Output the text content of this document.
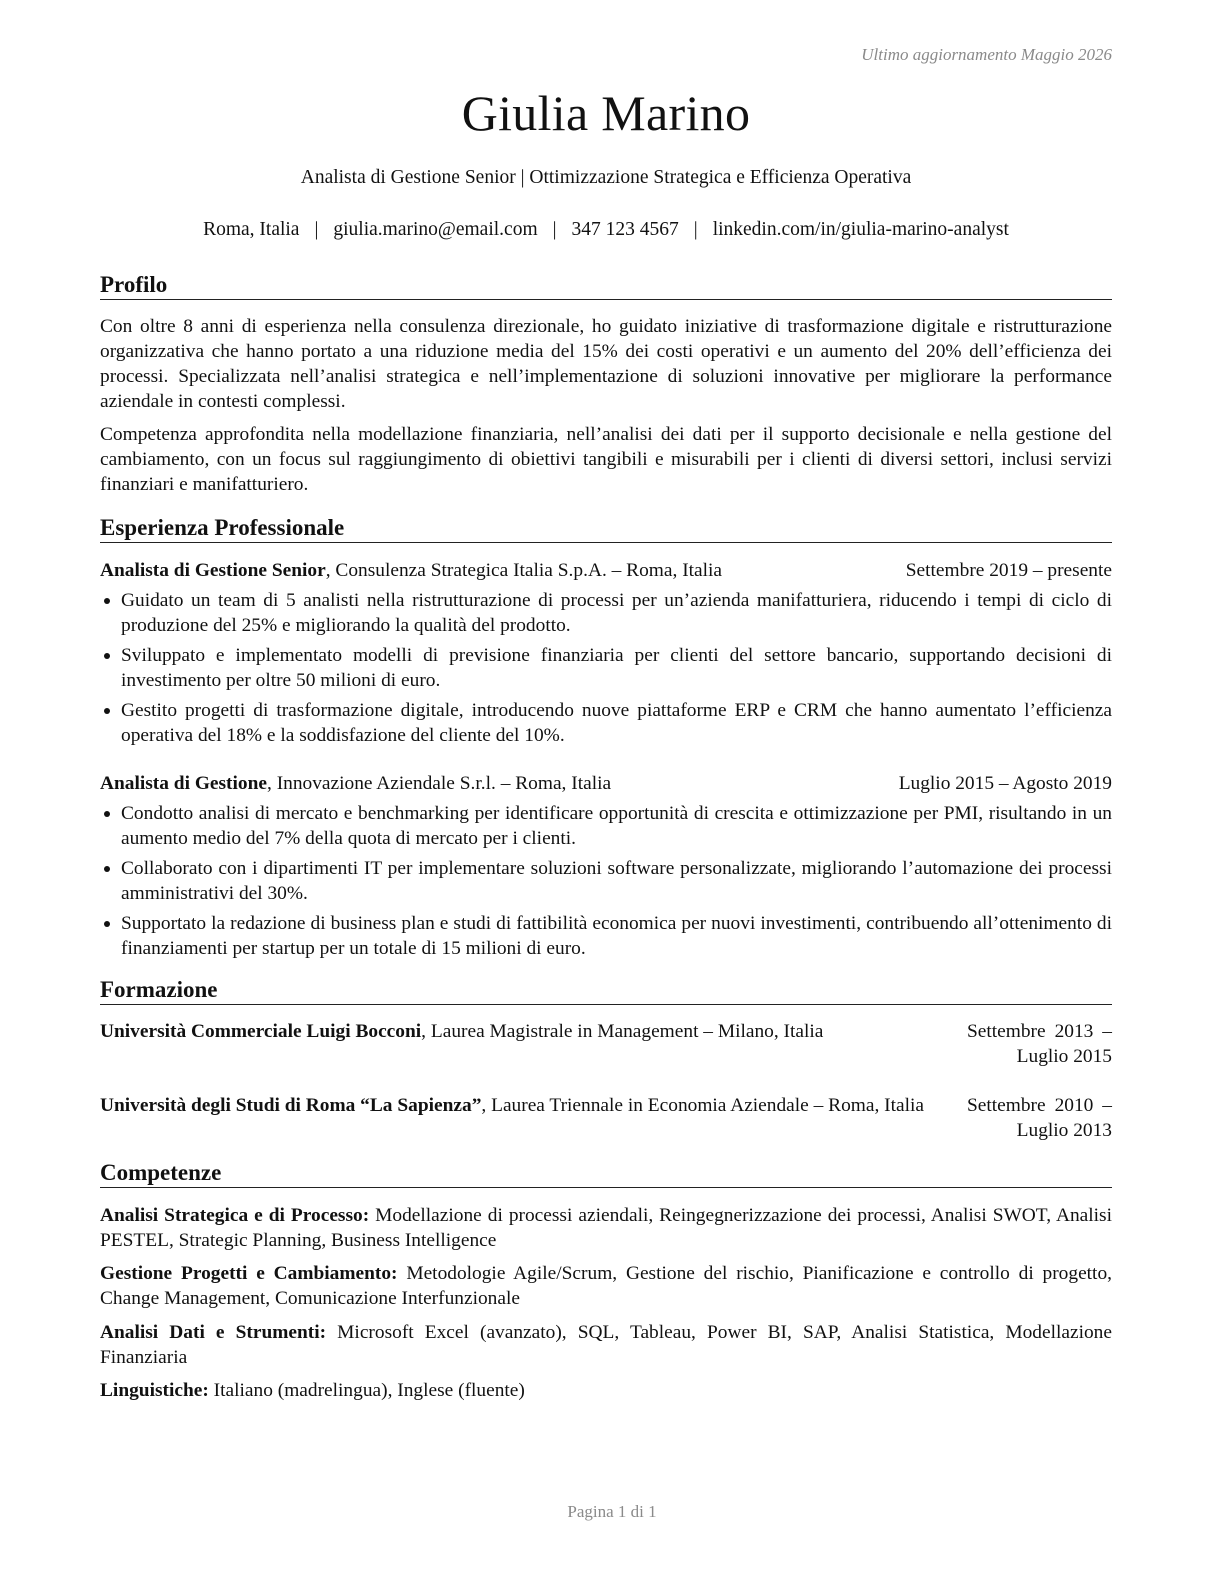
Ultimo aggiornamento Maggio 2026
Giulia Marino
Analista di Gestione Senior | Ottimizzazione Strategica e Efficienza Operativa
Roma, Italia | giulia.marino@email.com | 347 123 4567 | linkedin.com/in/giulia-marino-analyst
Profilo

Con oltre 8 anni di esperienza nella consulenza direzionale, ho guidato iniziative di trasformazione digitale e ristrutturazione organizzativa che hanno portato a una riduzione media del 15% dei costi operativi e un aumento del 20% dell’efficienza dei processi. Specializzata nell’analisi strategica e nell’implementazione di soluzioni innovative per migliorare la performance aziendale in contesti complessi.

Competenza approfondita nella modellazione finanziaria, nell’analisi dei dati per il supporto decisionale e nella gestione del cambiamento, con un focus sul raggiungimento di obiettivi tangibili e misurabili per i clienti di diversi settori, inclusi servizi finanziari e manifatturiero.

Esperienza Professionale
Analista di Gestione Senior, Consulenza Strategica Italia S.p.A. – Roma, Italia	Settembre 2019 – presente
Guidato un team di 5 analisti nella ristrutturazione di processi per un’azienda manifatturiera, riducendo i tempi di ciclo di produzione del 25% e migliorando la qualità del prodotto.
Sviluppato e implementato modelli di previsione finanziaria per clienti del settore bancario, supportando decisioni di investimento per oltre 50 milioni di euro.
Gestito progetti di trasformazione digitale, introducendo nuove piattaforme ERP e CRM che hanno aumentato l’efficienza operativa del 18% e la soddisfazione del cliente del 10%.
Analista di Gestione, Innovazione Aziendale S.r.l. – Roma, Italia	Luglio 2015 – Agosto 2019
Condotto analisi di mercato e benchmarking per identificare opportunità di crescita e ottimizzazione per PMI, risultando in un aumento medio del 7% della quota di mercato per i clienti.
Collaborato con i dipartimenti IT per implementare soluzioni software personalizzate, migliorando l’automazione dei processi amministrativi del 30%.
Supportato la redazione di business plan e studi di fattibilità economica per nuovi investimenti, contribuendo all’ottenimento di finanziamenti per startup per un totale di 15 milioni di euro.
Formazione
Università Commerciale Luigi Bocconi, Laurea Magistrale in Management – Milano, Italia	Settembre 2013 – Luglio 2015
Università degli Studi di Roma “La Sapienza”, Laurea Triennale in Economia Aziendale – Roma, Italia Settembre 2010 – Luglio 2013
Competenze
Analisi Strategica e di Processo: Modellazione di processi aziendali, Reingegnerizzazione dei processi, Analisi SWOT, Analisi PESTEL, Strategic Planning, Business Intelligence
Gestione Progetti e Cambiamento: Metodologie Agile/Scrum, Gestione del rischio, Pianificazione e controllo di progetto, Change Management, Comunicazione Interfunzionale
Analisi Dati e Strumenti: Microsoft Excel (avanzato), SQL, Tableau, Power BI, SAP, Analisi Statistica, Modellazione Finanziaria
Linguistiche: Italiano (madrelingua), Inglese (fluente)
Pagina 1 di 1
